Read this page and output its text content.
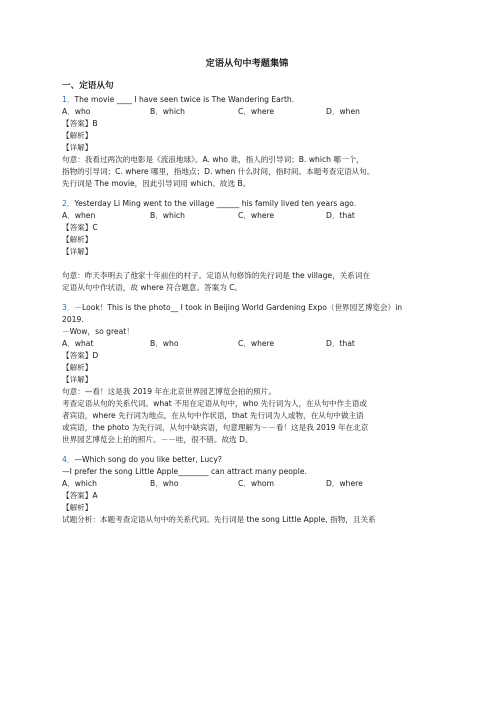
定语从句中考题集锦
一、定语从句
1．The movie ____ I have seen twice is The Wandering Earth.
A．who	B．which	C．where	D．when
【答案】B
【解析】
【详解】
句意：我看过两次的电影是《流浪地球》。A. who 谁，指人的引导词；B. which 哪一个，
指物的引导词；C. where 哪里，指地点；D. when 什么时间，指时间。本题考查定语从句。
先行词是 The movie，因此引导词用 which。故选 B。
2．Yesterday Li Ming went to the village ______ his family lived ten years ago.
A．when	B．which	C．where	D．that
【答案】C
【解析】
【详解】
句意：昨天李明去了他家十年前住的村子。定语从句修饰的先行词是 the village，关系词在
定语从句中作状语，故 where 符合题意。答案为 C。
3．－Look！This is the photo__ I took in Beijing World Gardening Expo（世界园艺博览会）in
2019.
－Wow，so great！
A．what	B．who	C．where	D．that
【答案】D
【解析】
【详解】
句意：—看！这是我 2019 年在北京世界园艺博览会拍的照片。
考查定语从句的关系代词。what 不用在定语从句中，who 先行词为人，在从句中作主语或
者宾语，where 先行词为地点，在从句中作状语，that 先行词为人或物，在从句中做主语
或宾语，the photo 为先行词，从句中缺宾语，句意理解为－－看！这是我 2019 年在北京
世界园艺博览会上拍的照片。－－哇，很不错。故选 D。
4．—Which song do you like better, Lucy?
—I prefer the song Little Apple________ can attract many people.
A．which	B．who	C．whom	D．where
【答案】A
【解析】
试题分析：本题考查定语从句中的关系代词。先行词是 the song Little Apple, 指物，且关系
